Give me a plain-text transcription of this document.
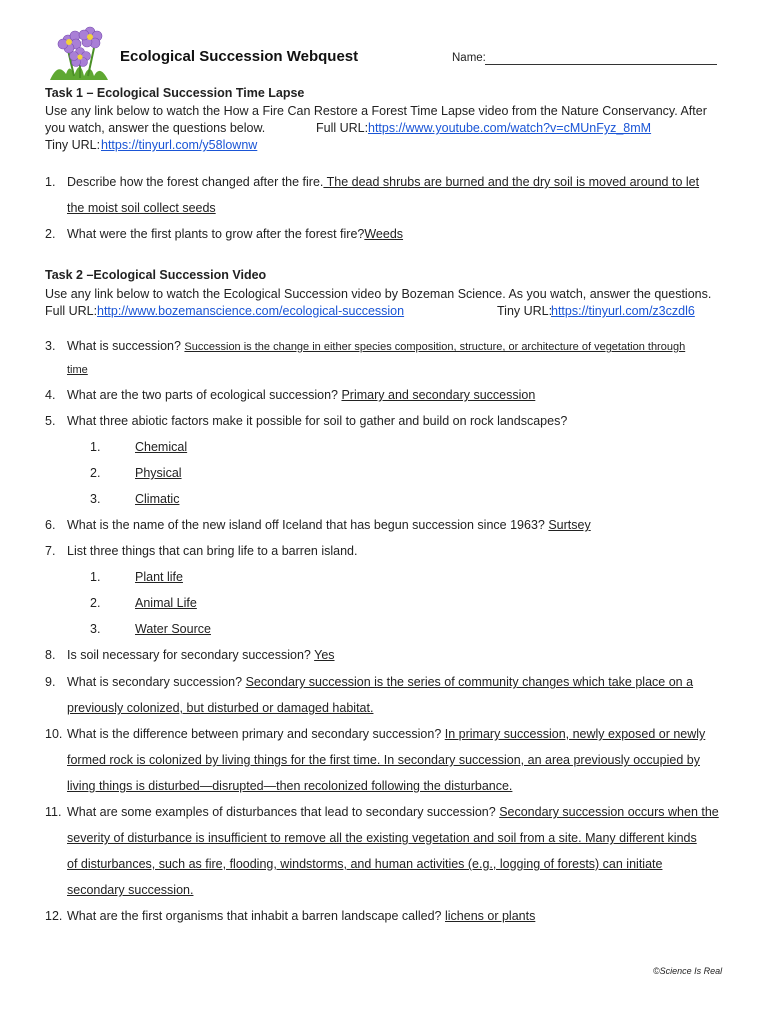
Ecological Succession Webquest	Name:
Task 1 – Ecological Succession Time Lapse
Use any link below to watch the How a Fire Can Restore a Forest Time Lapse video from the Nature Conservancy. After
you watch, answer the questions below.	Full URL: https://www.youtube.com/watch?v=cMUnFyz_8mM
Tiny URL: https://tinyurl.com/y58lownw
1. Describe how the forest changed after the fire. The dead shrubs are burned and the dry soil is moved around to let
the moist soil collect seeds
2. What were the first plants to grow after the forest fire?Weeds
Task 2 –Ecological Succession Video
Use any link below to watch the Ecological Succession video by Bozeman Science. As you watch, answer the questions.
Full URL: http://www.bozemanscience.com/ecological-succession	Tiny URL:
https://tinyurl.com/z3czdl6
3. What is succession? Succession is the change in either species composition, structure, or architecture of vegetation through
time
4. What are the two parts of ecological succession? Primary and secondary succession
5. What three abiotic factors make it possible for soil to gather and build on rock landscapes?
1.	Chemical
2.	Physical
3.	Climatic
6. What is the name of the new island off Iceland that has begun succession since 1963? Surtsey
7. List three things that can bring life to a barren island.
1.	Plant life
2.	Animal Life
3.	Water Source
8. Is soil necessary for secondary succession? Yes
9. What is secondary succession? Secondary succession is the series of community changes which take place on a
previously colonized, but disturbed or damaged habitat.
10. What is the difference between primary and secondary succession? In primary succession, newly exposed or newly
formed rock is colonized by living things for the first time. In secondary succession, an area previously occupied by
living things is disturbed—disrupted—then recolonized following the disturbance.
11. What are some examples of disturbances that lead to secondary succession? Secondary succession occurs when the
severity of disturbance is insufficient to remove all the existing vegetation and soil from a site. Many different kinds
of disturbances, such as fire, flooding, windstorms, and human activities (e.g., logging of forests) can initiate
secondary succession.
12. What are the first organisms that inhabit a barren landscape called? lichens or plants
©Science Is Real
